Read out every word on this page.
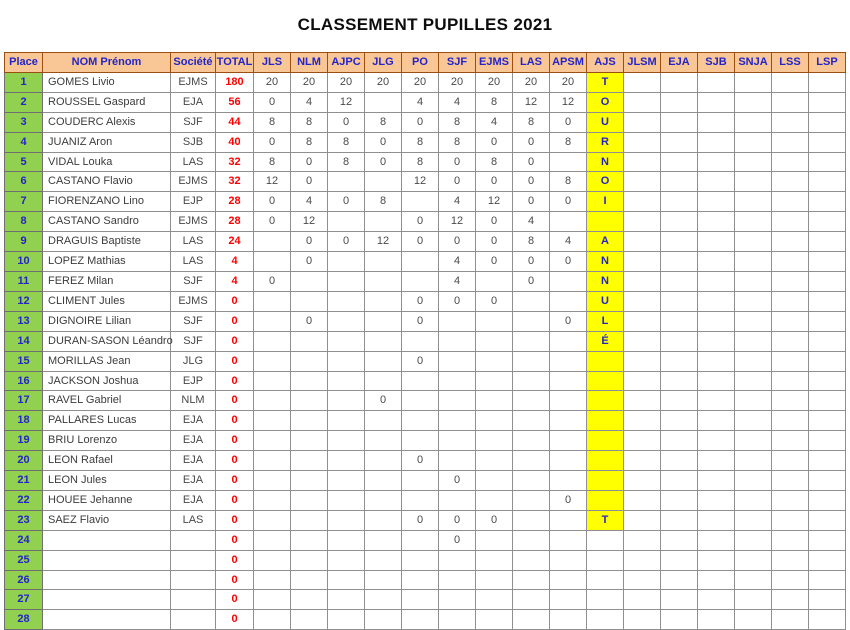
CLASSEMENT PUPILLES 2021
Place	NOM Prénom	Société	TOTAL	JLS	NLM	AJPC	JLG	PO	SJF	EJMS	LAS	APSM	AJS	JLSM	EJA	SJB	SNJA	LSS	LSP
1	GOMES Livio	EJMS	180	20	20	20	20	20	20	20	20	20	T						
2	ROUSSEL Gaspard	EJA	56	0	4	12		4	4	8	12	12	O						
3	COUDERC Alexis	SJF	44	8	8	0	8	0	8	4	8	0	U						
4	JUANIZ Aron	SJB	40	0	8	8	0	8	8	0	0	8	R						
5	VIDAL Louka	LAS	32	8	0	8	0	8	0	8	0		N						
6	CASTANO Flavio	EJMS	32	12	0			12	0	0	0	8	O						
7	FIORENZANO Lino	EJP	28	0	4	0	8		4	12	0	0	I						
8	CASTANO Sandro	EJMS	28	0	12			0	12	0	4								
9	DRAGUIS Baptiste	LAS	24		0	0	12	0	0	0	8	4	A						
10	LOPEZ Mathias	LAS	4		0				4	0	0	0	N						
11	FEREZ Milan	SJF	4	0					4		0		N						
12	CLIMENT Jules	EJMS	0					0	0	0			U						
13	DIGNOIRE Lilian	SJF	0		0			0				0	L						
14	DURAN-SASON Léandro	SJF	0										É						
15	MORILLAS Jean	JLG	0					0											
16	JACKSON Joshua	EJP	0																
17	RAVEL Gabriel	NLM	0				0												
18	PALLARES Lucas	EJA	0																
19	BRIU Lorenzo	EJA	0																
20	LEON Rafael	EJA	0					0											
21	LEON Jules	EJA	0						0										
22	HOUEE Jehanne	EJA	0									0							
23	SAEZ Flavio	LAS	0					0	0	0			T						
24			0						0										
25			0																
26			0																
27			0																
28			0																
